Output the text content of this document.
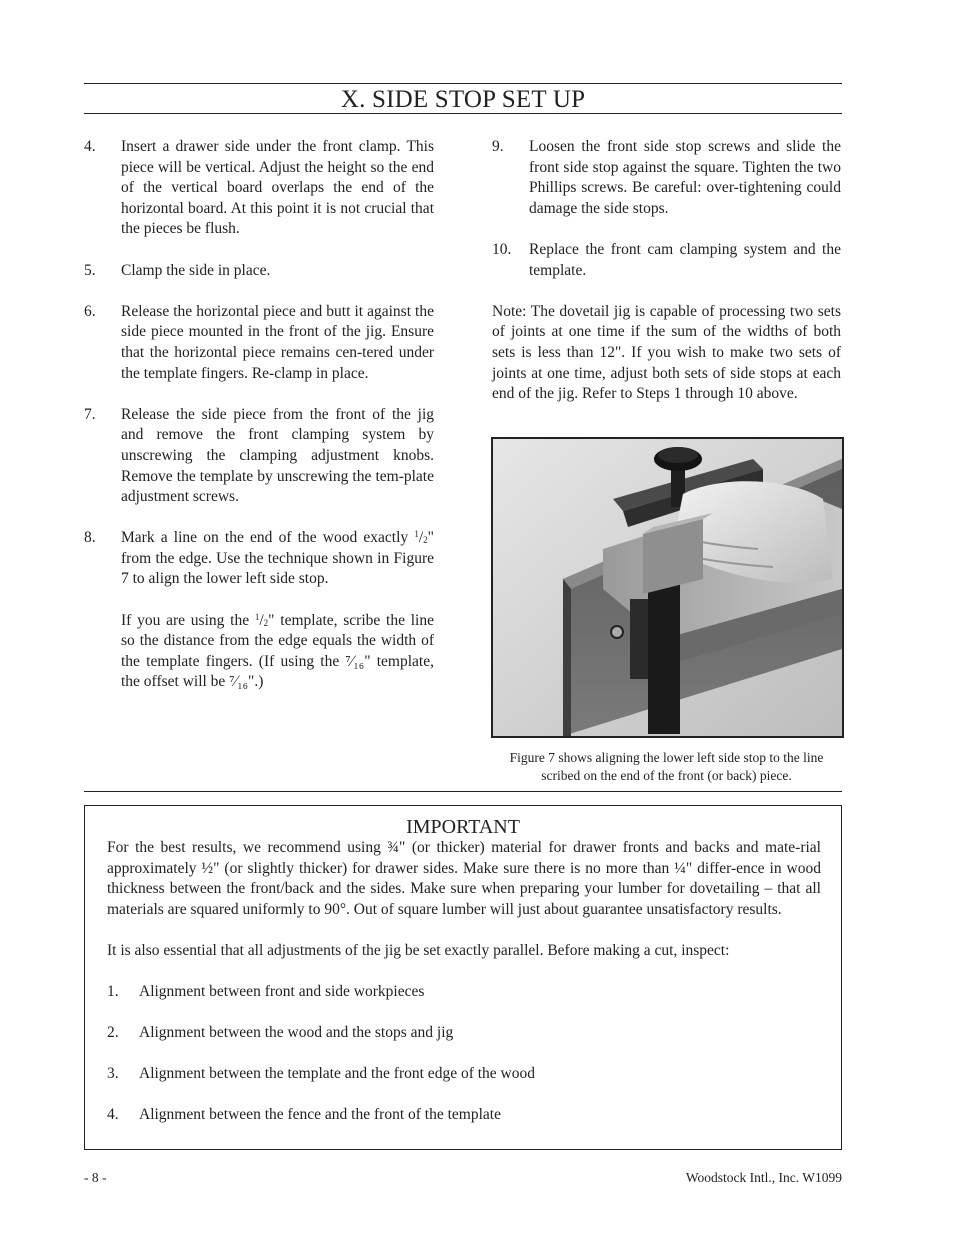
X. SIDE STOP SET UP
4.	Insert a drawer side under the front clamp. This piece will be vertical. Adjust the height so the end of the vertical board overlaps the end of the horizontal board. At this point it is not crucial that the pieces be flush.
5.	Clamp the side in place.
6.	Release the horizontal piece and butt it against the side piece mounted in the front of the jig. Ensure that the horizontal piece remains cen-tered under the template fingers. Re-clamp in place.
7.	Release the side piece from the front of the jig and remove the front clamping system by unscrewing the clamping adjustment knobs. Remove the template by unscrewing the tem-plate adjustment screws.
8.	Mark a line on the end of the wood exactly $^1/_2$" from the edge. Use the technique shown in Figure 7 to align the lower left side stop.
If you are using the $^1/_2$" template, scribe the line so the distance from the edge equals the width of the template fingers. (If using the ⁷⁄₁₆" template, the offset will be ⁷⁄₁₆".)
9.	Loosen the front side stop screws and slide the front side stop against the square. Tighten the two Phillips screws. Be careful: over-tightening could damage the side stops.
10.	Replace the front cam clamping system and the template.
Note: The dovetail jig is capable of processing two sets of joints at one time if the sum of the widths of both sets is less than 12". If you wish to make two sets of joints at one time, adjust both sets of side stops at each end of the jig. Refer to Steps 1 through 10 above.
Figure 7 shows aligning the lower left side stop to the line scribed on the end of the front (or back) piece.
IMPORTANT

For the best results, we recommend using ¾" (or thicker) material for drawer fronts and backs and mate-rial approximately ½" (or slightly thicker) for drawer sides. Make sure there is no more than ¼" differ-ence in wood thickness between the front/back and the sides. Make sure when preparing your lumber for dovetailing – that all materials are squared uniformly to 90°. Out of square lumber will just about guarantee unsatisfactory results.

It is also essential that all adjustments of the jig be set exactly parallel. Before making a cut, inspect:

1.	Alignment between front and side workpieces
2.	Alignment between the wood and the stops and jig
3.	Alignment between the template and the front edge of the wood
4.	Alignment between the fence and the front of the template
- 8 -	Woodstock Intl., Inc. W1099
